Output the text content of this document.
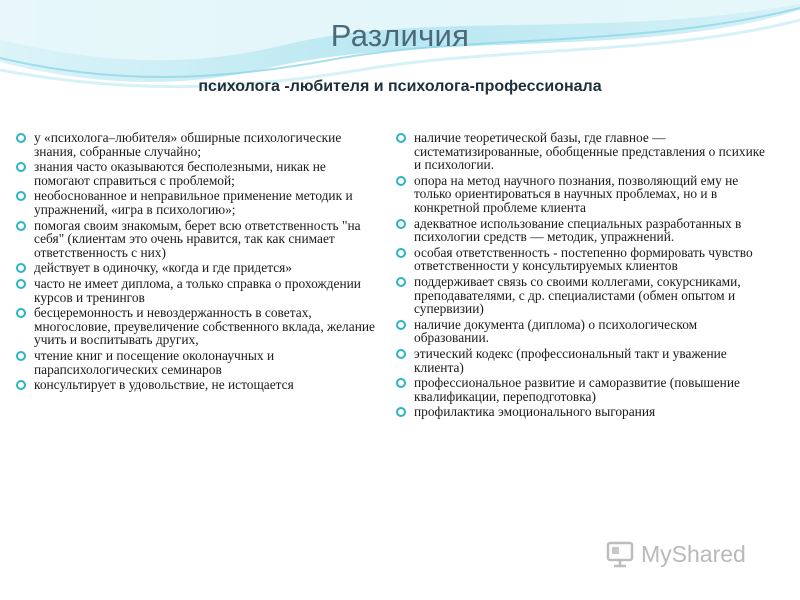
Различия
психолога -любителя и психолога-профессионала
у «психолога–любителя» обширные психологические знания, собранные случайно;
знания часто оказываются бесполезными, никак не помогают справиться с проблемой;
необоснованное и неправильное применение методик и упражнений, «игра в психологию»;
помогая своим знакомым, берет всю ответственность "на себя" (клиентам это очень нравится, так как снимает ответственность с них)
действует в одиночку, «когда и где придется»
часто не имеет диплома, а только справка о прохождении курсов и тренингов
бесцеремонность и невоздержанность в советах, многословие, преувеличение собственного вклада, желание учить и воспитывать других,
чтение книг и посещение околонаучных и парапсихологических семинаров
консультирует в удовольствие, не истощается
наличие теоретической базы, где главное — систематизированные, обобщенные представления о психике и психологии.
опора на метод научного познания, позволяющий ему не только ориентироваться в научных проблемах, но и в конкретной проблеме клиента
адекватное использование специальных разработанных в психологии средств — методик, упражнений.
особая ответственность - постепенно формировать чувство ответственности у консультируемых клиентов
поддерживает связь со своими коллегами, сокурсниками, преподавателями, с др. специалистами (обмен опытом и супервизии)
наличие документа (диплома) о психологическом образовании.
этический кодекс (профессиональный такт и уважение клиента)
профессиональное развитие и саморазвитие (повышение квалификации, переподготовка)
профилактика эмоционального выгорания
MyShared
